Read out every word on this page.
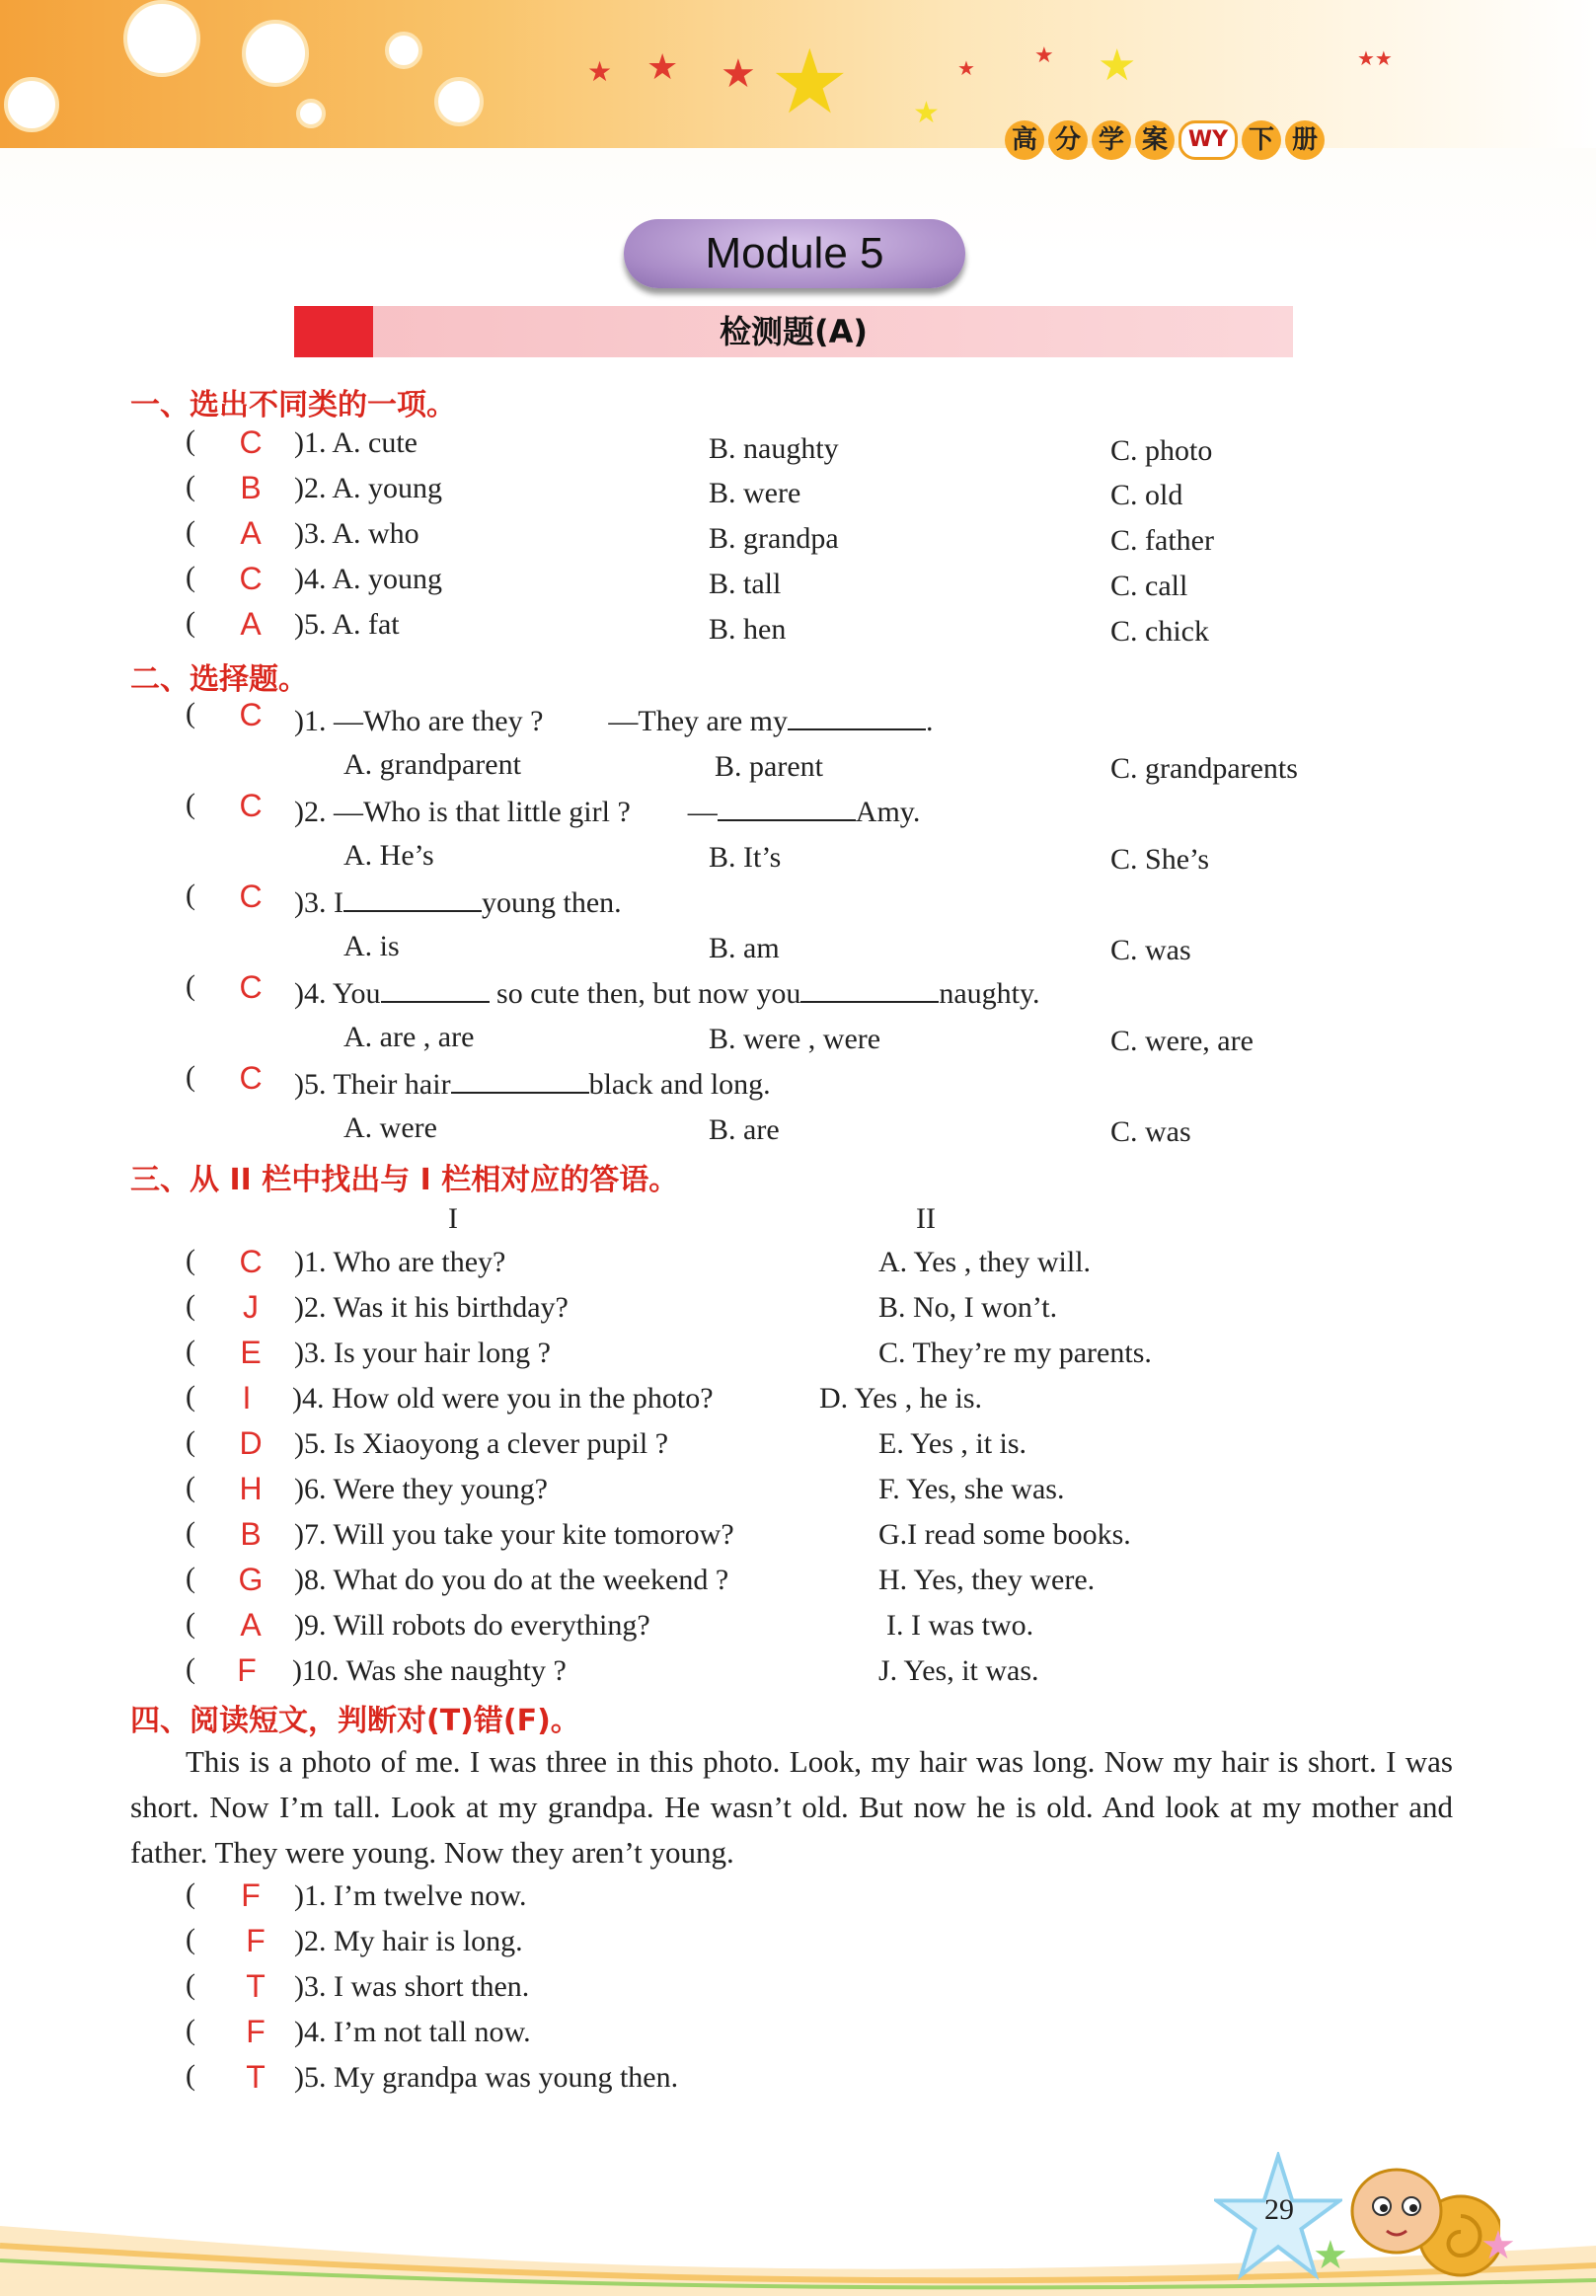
★ ★ ★ ★	★
★ ★
★
★★
高 分 学 案 WY 下 册
Module 5
检测题(A)
一、选出不同类的一项。
(	C	)1. A. cute	B. naughty	C. photo
(	B	)2. A. young	B. were	C. old
(	A	)3. A. who	B. grandpa	C. father
(	C	)4. A. young	B. tall	C. call
(	A	)5. A. fat	B. hen	C. chick
二、选择题。
(	C	)1. —Who are they ? —They are my	.
A. grandparent	B. parent	C. grandparents
(	C	)2. —Who is that little girl ? —	Amy.
A. He’s	B. It’s	C. She’s
(	C	)3. I	young then.
A. is	B. am	C. was
(	C	)4. You	so cute then, but now you	naughty.
A. are , are	B. were , were	C. were, are
(	C	)5. Their hair	black and long.
A. were	B. are	C. was
三、从 II 栏中找出与 I 栏相对应的答语。
I	II
(	C	)1. Who are they?	A. Yes , they will.
(	J	)2. Was it his birthday?	B. No, I won’t.
(	E	)3. Is your hair long ?	C. They’re my parents.
(	I	)4. How old were you in the photo?	D. Yes , he is.
(	D	)5. Is Xiaoyong a clever pupil ?	E. Yes , it is.
(	H	)6. Were they young?	F. Yes, she was.
(	B	)7. Will you take your kite tomorow?	G.I read some books.
(	G	)8. What do you do at the weekend ?	H. Yes, they were.
(	A	)9. Will robots do everything?	I. I was two.
(	F	)10. Was she naughty ?	J. Yes, it was.
四、阅读短文，判断对(T)错(F)。
This is a photo of me. I was three in this photo. Look, my hair was long. Now my hair is short. I was short. Now I’m tall. Look at my grandpa. He wasn’t old. But now he is old. And look at my mother and father. They were young. Now they aren’t young.
(	F	)1. I’m twelve now.
(	F )2. My hair is long.
(	T )3. I was short then.
(	F )4. I’m not tall now.
(	T )5. My grandpa was young then.
29
★	★
